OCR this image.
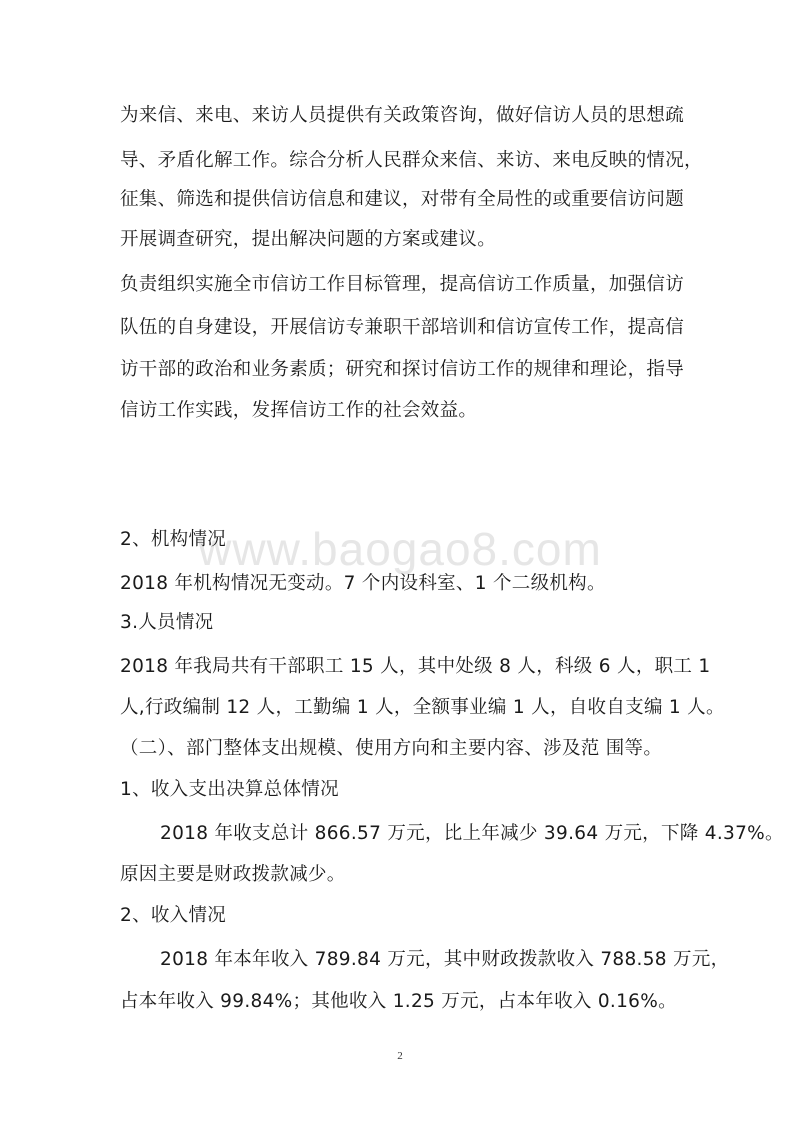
为来信、来电、来访人员提供有关政策咨询，做好信访人员的思想疏
导、矛盾化解工作。综合分析人民群众来信、来访、来电反映的情况，
征集、筛选和提供信访信息和建议，对带有全局性的或重要信访问题
开展调查研究，提出解决问题的方案或建议。
负责组织实施全市信访工作目标管理，提高信访工作质量，加强信访
队伍的自身建设，开展信访专兼职干部培训和信访宣传工作，提高信
访干部的政治和业务素质；研究和探讨信访工作的规律和理论，指导
信访工作实践，发挥信访工作的社会效益。
www.baogao8.com
2、机构情况
2018 年机构情况无变动。7 个内设科室、1 个二级机构。
3.人员情况
2018 年我局共有干部职工 15 人，其中处级 8 人，科级 6 人，职工 1
人,行政编制 12 人，工勤编 1 人，全额事业编 1 人，自收自支编 1 人。
（二）、部门整体支出规模、使用方向和主要内容、涉及范 围等。
1、收入支出决算总体情况
2018 年收支总计 866.57 万元，比上年减少 39.64 万元，下降 4.37%。
原因主要是财政拨款减少。
2、收入情况
2018 年本年收入 789.84 万元，其中财政拨款收入 788.58 万元，
占本年收入 99.84%；其他收入 1.25 万元，占本年收入 0.16%。
2
